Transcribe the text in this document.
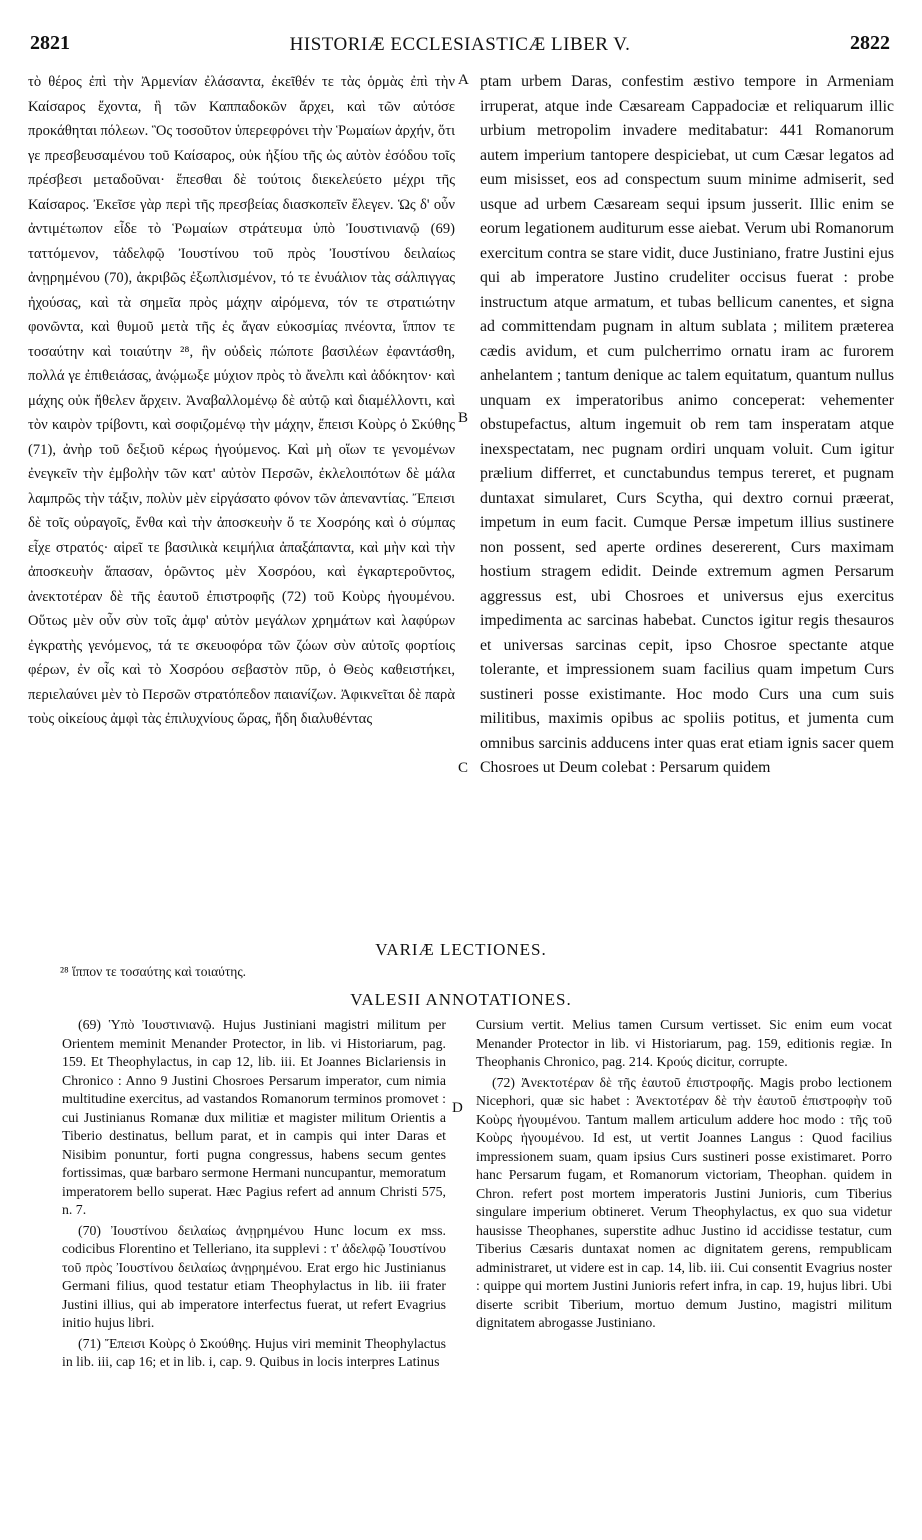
2821	HISTORIÆ ECCLESIASTICÆ LIBER V.	2822
τὸ θέρος ἐπὶ τὴν Ἀρμενίαν ἐλάσαντα, ἐκεῖθέν τε τὰς ὁρμὰς ἐπὶ τὴν Καίσαρος ἔχοντα, ἣ τῶν Καππαδοκῶν ἄρχει, καὶ τῶν αὐτόσε προκάθηται πόλεων. Ὃς τοσοῦτον ὑπερεφρόνει τὴν Ῥωμαίων ἀρχήν, ὅτι γε πρεσβευσαμένου τοῦ Καίσαρος, οὐκ ἠξίου τῆς ὡς αὐτὸν ἐσόδου τοῖς πρέσβεσι μεταδοῦναι· ἕπεσθαι δὲ τούτοις διεκελεύετο μέχρι τῆς Καίσαρος. Ἐκεῖσε γὰρ περὶ τῆς πρεσβείας διασκοπεῖν ἔλεγεν. Ὡς δ' οὖν ἀντιμέτωπον εἶδε τὸ Ῥωμαίων στράτευμα ὑπὸ Ἰουστινιανῷ (69) ταττόμενον, τἀδελφῷ Ἰουστίνου τοῦ πρὸς Ἰουστίνου δειλαίως ἀνῃρημένου (70), ἀκριβῶς ἐξωπλισμένον, τό τε ἐνυάλιον τὰς σάλπιγγας ἠχούσας, καὶ τὰ σημεῖα πρὸς μάχην αἰρόμενα, τόν τε στρατιώτην φονῶντα, καὶ θυμοῦ μετὰ τῆς ἐς ἄγαν εὐκοσμίας πνέοντα, ἵππον τε τοσαύτην καὶ τοιαύτην ²⁸, ἣν οὐδεὶς πώποτε βασιλέων ἐφαντάσθη, πολλά γε ἐπιθειάσας, ἀνῴμωξε μύχιον πρὸς τὸ ἄνελπι καὶ ἀδόκητον· καὶ μάχης οὐκ ἤθελεν ἄρχειν. Ἀναβαλλομένῳ δὲ αὐτῷ καὶ διαμέλλοντι, καὶ τὸν καιρὸν τρίβοντι, καὶ σοφιζομένῳ τὴν μάχην, ἔπεισι Κοὺρς ὁ Σκύθης (71), ἀνὴρ τοῦ δεξιοῦ κέρως ἡγούμενος. Καὶ μὴ οἵων τε γενομένων ἐνεγκεῖν τὴν ἐμβολὴν τῶν κατ' αὐτὸν Περσῶν, ἐκλελοιπότων δὲ μάλα λαμπρῶς τὴν τάξιν, πολὺν μὲν εἰργάσατο φόνον τῶν ἀπεναντίας. Ἔπεισι δὲ τοῖς οὐραγοῖς, ἔνθα καὶ τὴν ἀποσκευὴν ὅ τε Χοσρόης καὶ ὁ σύμπας εἶχε στρατός· αἱρεῖ τε βασιλικὰ κειμήλια ἀπαξάπαντα, καὶ μὴν καὶ τὴν ἀποσκευὴν ἅπασαν, ὁρῶντος μὲν Χοσρόου, καὶ ἐγκαρτεροῦντος, ἀνεκτοτέραν δὲ τῆς ἑαυτοῦ ἐπιστροφῆς (72) τοῦ Κοὺρς ἡγουμένου. Οὕτως μὲν οὖν σὺν τοῖς ἀμφ' αὐτὸν μεγάλων χρημάτων καὶ λαφύρων ἐγκρατὴς γενόμενος, τά τε σκευοφόρα τῶν ζώων σὺν αὐτοῖς φορτίοις φέρων, ἐν οἷς καὶ τὸ Χοσρόου σεβαστὸν πῦρ, ὁ Θεὸς καθειστήκει, περιελαύνει μὲν τὸ Περσῶν στρατόπεδον παιανίζων. Ἀφικνεῖται δὲ παρὰ τοὺς οἰκείους ἀμφὶ τὰς ἐπιλυχνίους ὥρας, ἤδη διαλυθέντας
A
B
C
ptam urbem Daras, confestim æstivo tempore in Armeniam irruperat, atque inde Cæsaream Cappadociæ et reliquarum illic urbium metropolim invadere meditabatur: 441 Romanorum autem imperium tantopere despiciebat, ut cum Cæsar legatos ad eum misisset, eos ad conspectum suum minime admiserit, sed usque ad urbem Cæsaream sequi ipsum jusserit. Illic enim se eorum legationem auditurum esse aiebat. Verum ubi Romanorum exercitum contra se stare vidit, duce Justiniano, fratre Justini ejus qui ab imperatore Justino crudeliter occisus fuerat : probe instructum atque armatum, et tubas bellicum canentes, et signa ad committendam pugnam in altum sublata ; militem præterea cædis avidum, et cum pulcherrimo ornatu iram ac furorem anhelantem ; tantum denique ac talem equitatum, quantum nullus unquam ex imperatoribus animo conceperat: vehementer obstupefactus, altum ingemuit ob rem tam insperatam atque inexspectatam, nec pugnam ordiri unquam voluit. Cum igitur prælium differret, et cunctabundus tempus tereret, et pugnam duntaxat simularet, Curs Scytha, qui dextro cornui præerat, impetum in eum facit. Cumque Persæ impetum illius sustinere non possent, sed aperte ordines desererent, Curs maximam hostium stragem edidit. Deinde extremum agmen Persarum aggressus est, ubi Chosroes et universus ejus exercitus impedimenta ac sarcinas habebat. Cunctos igitur regis thesauros et universas sarcinas cepit, ipso Chosroe spectante atque tolerante, et impressionem suam facilius quam impetum Curs sustineri posse existimante. Hoc modo Curs una cum suis militibus, maximis opibus ac spoliis potitus, et jumenta cum omnibus sarcinis adducens inter quas erat etiam ignis sacer quem Chosroes ut Deum colebat : Persarum quidem
VARIÆ LECTIONES.
²⁸ ἵππον τε τοσαύτης καὶ τοιαύτης.
VALESII ANNOTATIONES.
D

(69) Ὑπὸ Ἰουστινιανῷ. Hujus Justiniani magistri militum per Orientem meminit Menander Protector, in lib. vi Historiarum, pag. 159. Et Theophylactus, in cap 12, lib. iii. Et Joannes Biclariensis in Chronico : Anno 9 Justini Chosroes Persarum imperator, cum nimia multitudine exercitus, ad vastandos Romanorum terminos promovet : cui Justinianus Romanæ dux militiæ et magister militum Orientis a Tiberio destinatus, bellum parat, et in campis qui inter Daras et Nisibim ponuntur, forti pugna congressus, habens secum gentes fortissimas, quæ barbaro sermone Hermani nuncupantur, memoratum imperatorem bello superat. Hæc Pagius refert ad annum Christi 575, n. 7.

(70) Ἰουστίνου δειλαίως ἀνῃρημένου Hunc locum ex mss. codicibus Florentino et Telleriano, ita supplevi : τ' ἀδελφῷ Ἰουστίνου τοῦ πρὸς Ἰουστίνου δειλαίως ἀνῃρημένου. Erat ergo hic Justinianus Germani filius, quod testatur etiam Theophylactus in lib. iii frater Justini illius, qui ab imperatore interfectus fuerat, ut refert Evagrius initio hujus libri.

(71) Ἔπεισι Κοὺρς ὁ Σκούθης. Hujus viri meminit Theophylactus in lib. iii, cap 16; et in lib. i, cap. 9. Quibus in locis interpres Latinus

Cursium vertit. Melius tamen Cursum vertisset. Sic enim eum vocat Menander Protector in lib. vi Historiarum, pag. 159, editionis regiæ. In Theophanis Chronico, pag. 214. Κρούς dicitur, corrupte.

(72) Ἀνεκτοτέραν δὲ τῆς ἑαυτοῦ ἐπιστροφῆς. Magis probo lectionem Nicephori, quæ sic habet : Ἀνεκτοτέραν δὲ τὴν ἑαυτοῦ ἐπιστροφὴν τοῦ Κοὺρς ἡγουμένου. Tantum mallem articulum addere hoc modo : τῆς τοῦ Κοὺρς ἡγουμένου. Id est, ut vertit Joannes Langus : Quod facilius impressionem suam, quam ipsius Curs sustineri posse existimaret. Porro hanc Persarum fugam, et Romanorum victoriam, Theophan. quidem in Chron. refert post mortem imperatoris Justini Junioris, cum Tiberius singulare imperium obtineret. Verum Theophylactus, ex quo sua videtur hausisse Theophanes, superstite adhuc Justino id accidisse testatur, cum Tiberius Cæsaris duntaxat nomen ac dignitatem gerens, rempublicam administraret, ut videre est in cap. 14, lib. iii. Cui consentit Evagrius noster : quippe qui mortem Justini Junioris refert infra, in cap. 19, hujus libri. Ubi diserte scribit Tiberium, mortuo demum Justino, magistri militum dignitatem abrogasse Justiniano.
